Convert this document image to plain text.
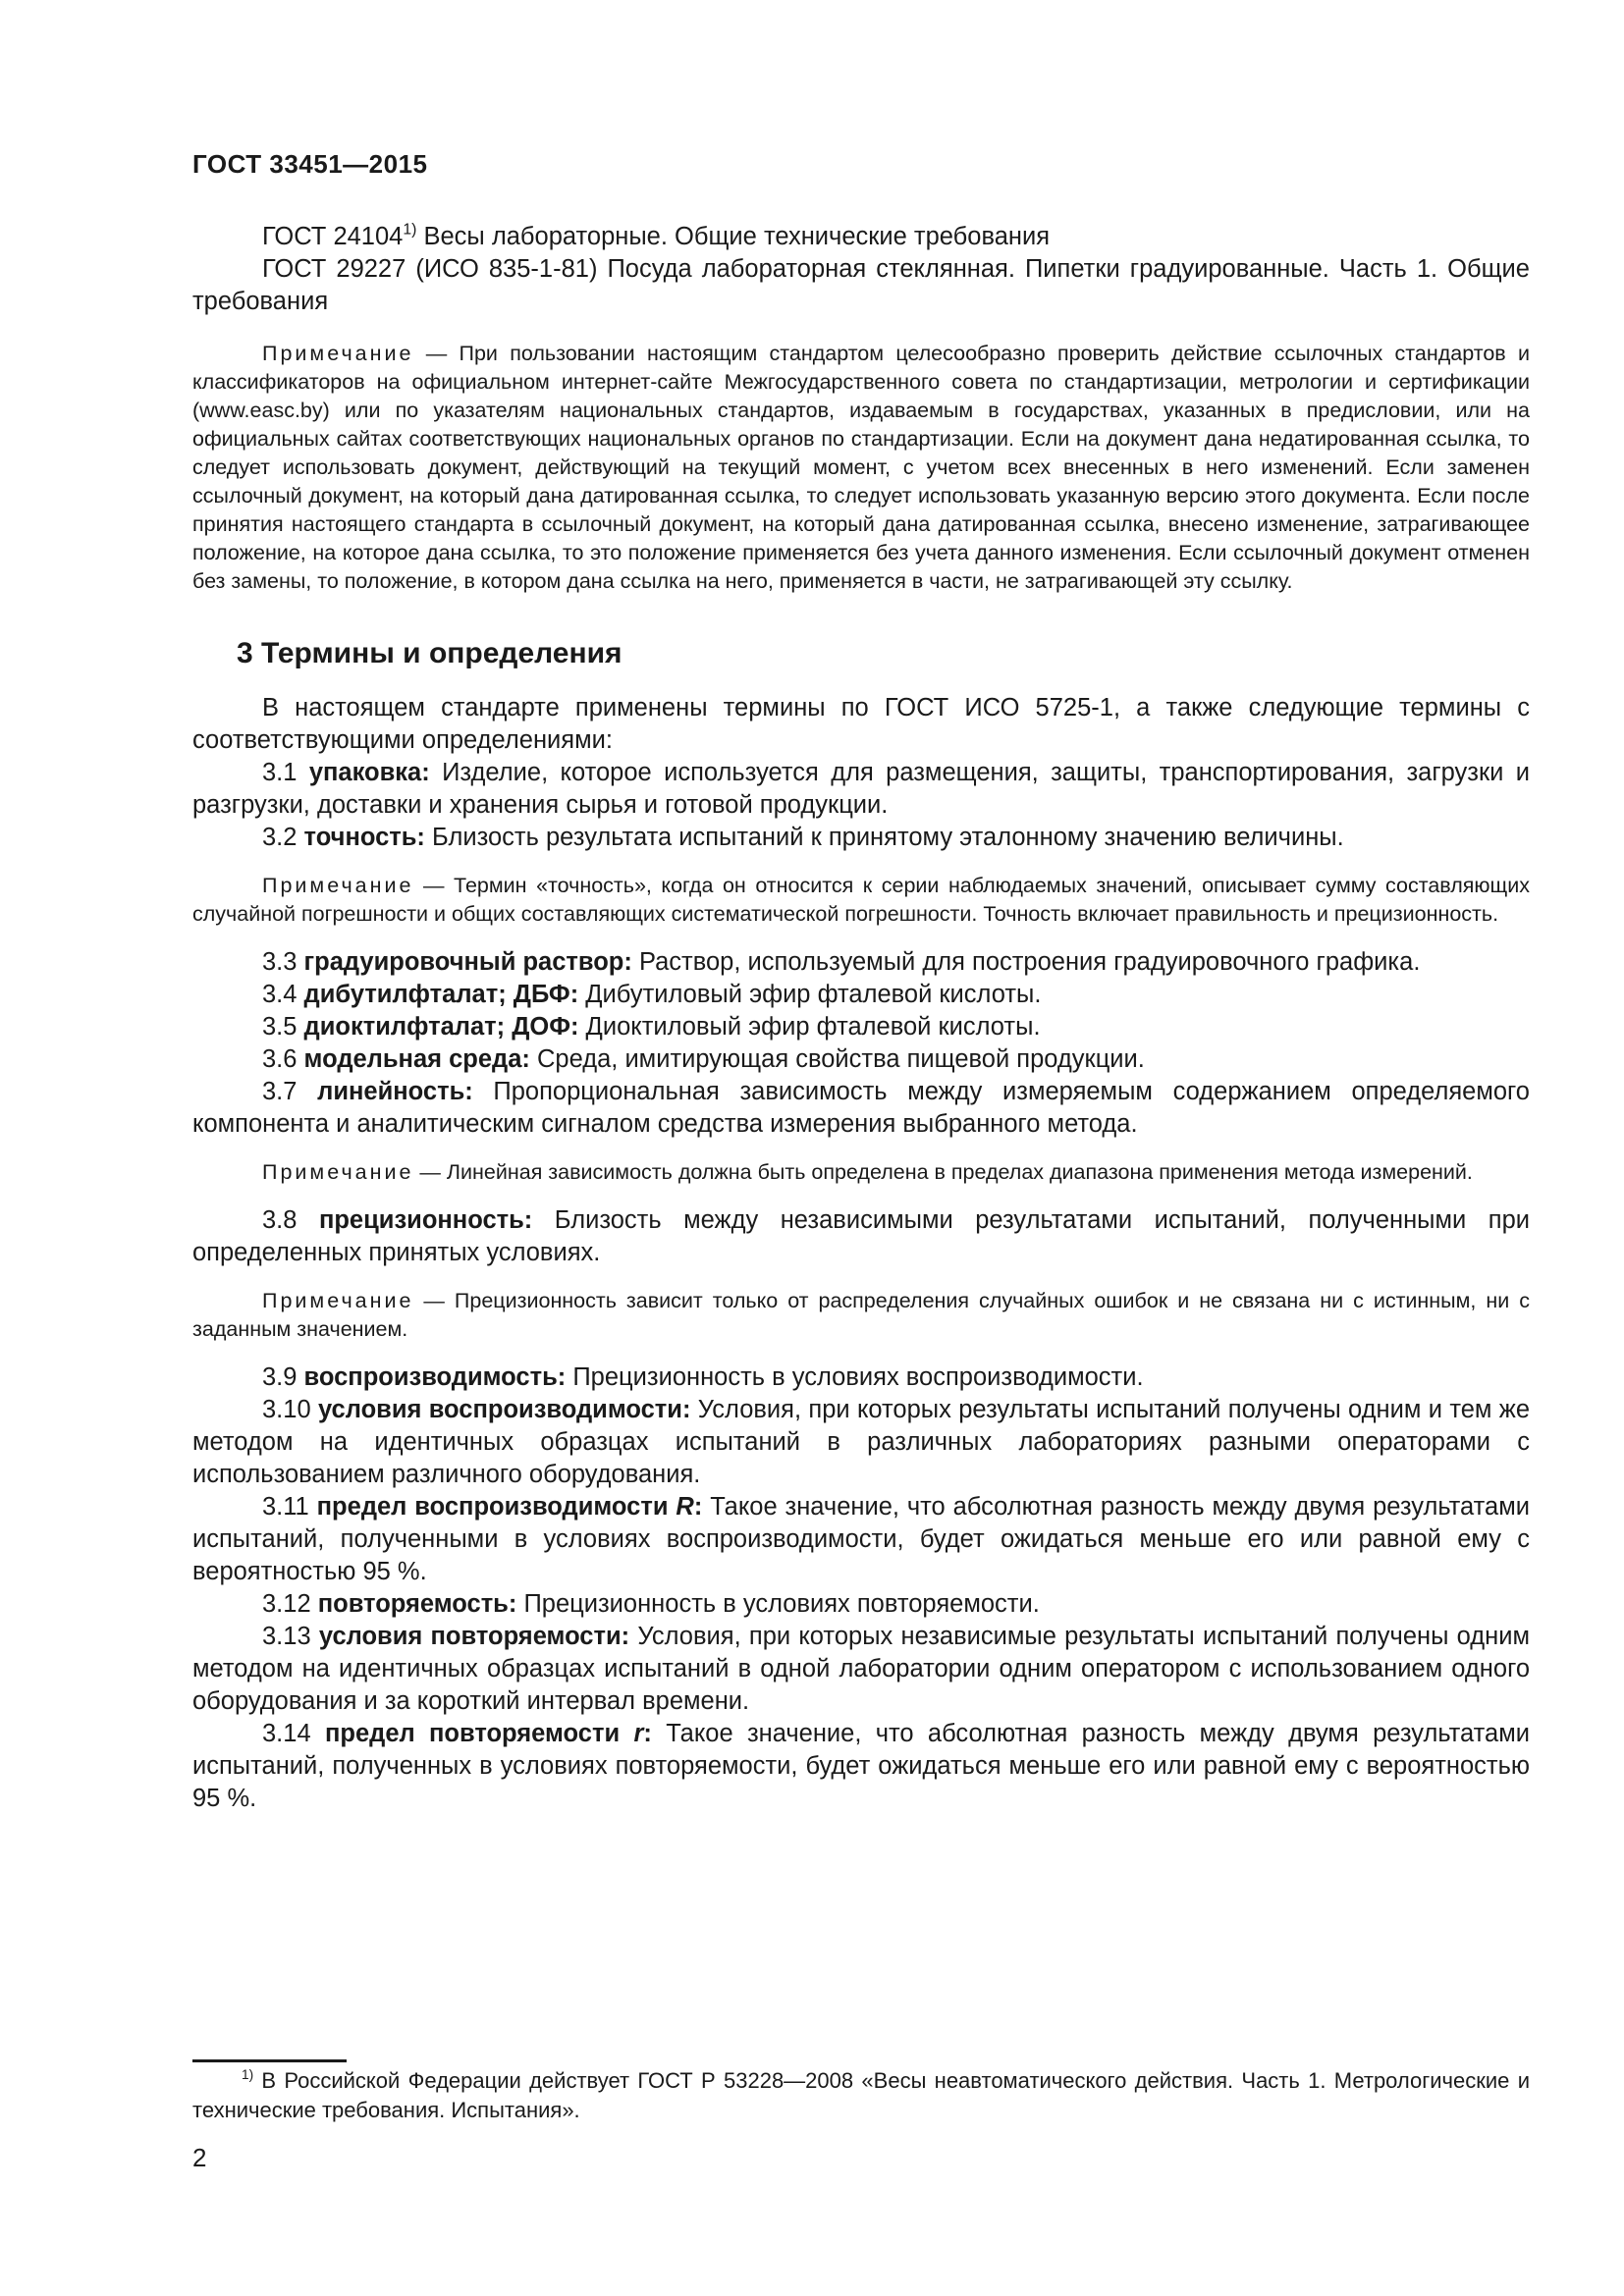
ГОСТ 33451—2015

ГОСТ 24104$^{1)}$ Весы лабораторные. Общие технические требования

ГОСТ 29227 (ИСО 835-1-81) Посуда лабораторная стеклянная. Пипетки градуированные. Часть 1. Общие требования

Примечание — При пользовании настоящим стандартом целесообразно проверить действие ссылочных стандартов и классификаторов на официальном интернет-сайте Межгосударственного совета по стандартизации, метрологии и сертификации (www.easc.by) или по указателям национальных стандартов, издаваемым в государствах, указанных в предисловии, или на официальных сайтах соответствующих национальных органов по стандартизации. Если на документ дана недатированная ссылка, то следует использовать документ, действующий на текущий момент, с учетом всех внесенных в него изменений. Если заменен ссылочный документ, на который дана датированная ссылка, то следует использовать указанную версию этого документа. Если после принятия настоящего стандарта в ссылочный документ, на который дана датированная ссылка, внесено изменение, затрагивающее положение, на которое дана ссылка, то это положение применяется без учета данного изменения. Если ссылочный документ отменен без замены, то положение, в котором дана ссылка на него, применяется в части, не затрагивающей эту ссылку.

3 Термины и определения

В настоящем стандарте применены термины по ГОСТ ИСО 5725-1, а также следующие термины с соответствующими определениями:

3.1 упаковка: Изделие, которое используется для размещения, защиты, транспортирования, загрузки и разгрузки, доставки и хранения сырья и готовой продукции.

3.2 точность: Близость результата испытаний к принятому эталонному значению величины.

Примечание — Термин «точность», когда он относится к серии наблюдаемых значений, описывает сумму составляющих случайной погрешности и общих составляющих систематической погрешности. Точность включает правильность и прецизионность.

3.3 градуировочный раствор: Раствор, используемый для построения градуировочного графика.

3.4 дибутилфталат; ДБФ: Дибутиловый эфир фталевой кислоты.

3.5 диоктилфталат; ДОФ: Диоктиловый эфир фталевой кислоты.

3.6 модельная среда: Среда, имитирующая свойства пищевой продукции.

3.7 линейность: Пропорциональная зависимость между измеряемым содержанием определяемого компонента и аналитическим сигналом средства измерения выбранного метода.

Примечание — Линейная зависимость должна быть определена в пределах диапазона применения метода измерений.

3.8 прецизионность: Близость между независимыми результатами испытаний, полученными при определенных принятых условиях.

Примечание — Прецизионность зависит только от распределения случайных ошибок и не связана ни с истинным, ни с заданным значением.

3.9 воспроизводимость: Прецизионность в условиях воспроизводимости.

3.10 условия воспроизводимости: Условия, при которых результаты испытаний получены одним и тем же методом на идентичных образцах испытаний в различных лабораториях разными операторами с использованием различного оборудования.

3.11 предел воспроизводимости R: Такое значение, что абсолютная разность между двумя результатами испытаний, полученными в условиях воспроизводимости, будет ожидаться меньше его или равной ему с вероятностью 95 %.

3.12 повторяемость: Прецизионность в условиях повторяемости.

3.13 условия повторяемости: Условия, при которых независимые результаты испытаний получены одним методом на идентичных образцах испытаний в одной лаборатории одним оператором с использованием одного оборудования и за короткий интервал времени.

3.14 предел повторяемости r: Такое значение, что абсолютная разность между двумя результатами испытаний, полученных в условиях повторяемости, будет ожидаться меньше его или равной ему с вероятностью 95 %.

$^{1)}$ В Российской Федерации действует ГОСТ Р 53228—2008 «Весы неавтоматического действия. Часть 1. Метрологические и технические требования. Испытания».

2
